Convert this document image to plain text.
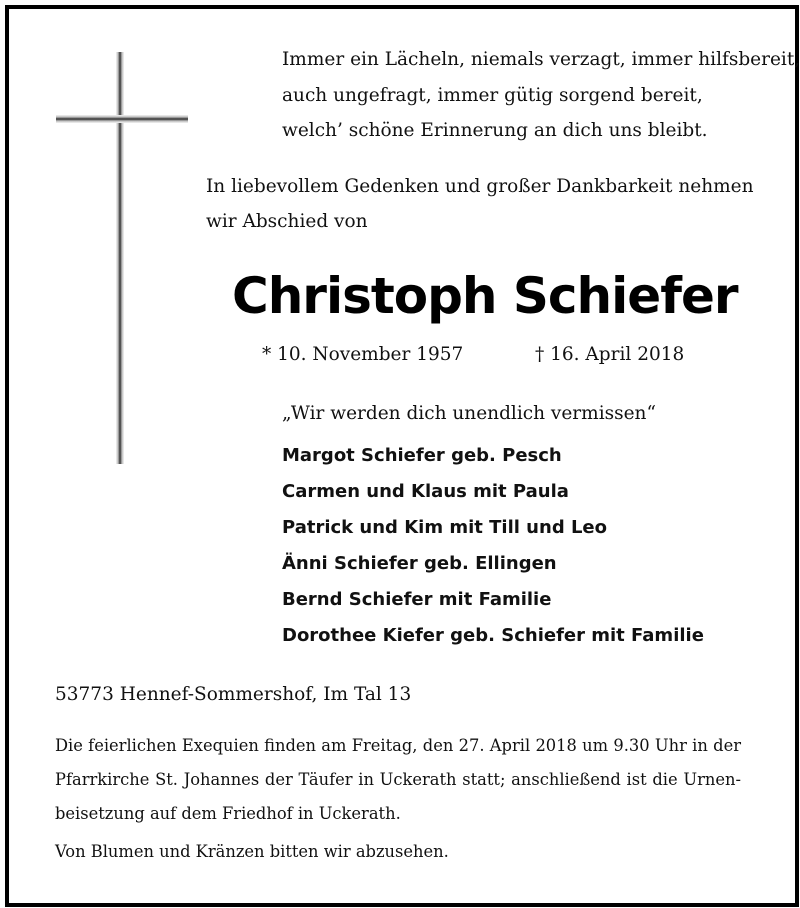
Immer ein Lächeln, niemals verzagt, immer hilfsbereit,
auch ungefragt, immer gütig sorgend bereit,
welch’ schöne Erinnerung an dich uns bleibt.
In liebevollem Gedenken und großer Dankbarkeit nehmen
wir Abschied von
Christoph Schiefer
* 10. November 1957	† 16. April 2018
„Wir werden dich unendlich vermissen“
Margot Schiefer geb. Pesch
Carmen und Klaus mit Paula
Patrick und Kim mit Till und Leo
Änni Schiefer geb. Ellingen
Bernd Schiefer mit Familie
Dorothee Kiefer geb. Schiefer mit Familie
53773 Hennef-Sommershof, Im Tal 13
Die feierlichen Exequien finden am Freitag, den 27. April 2018 um 9.30 Uhr in der
Pfarrkirche St. Johannes der Täufer in Uckerath statt; anschließend ist die Urnen-
beisetzung auf dem Friedhof in Uckerath.
Von Blumen und Kränzen bitten wir abzusehen.
